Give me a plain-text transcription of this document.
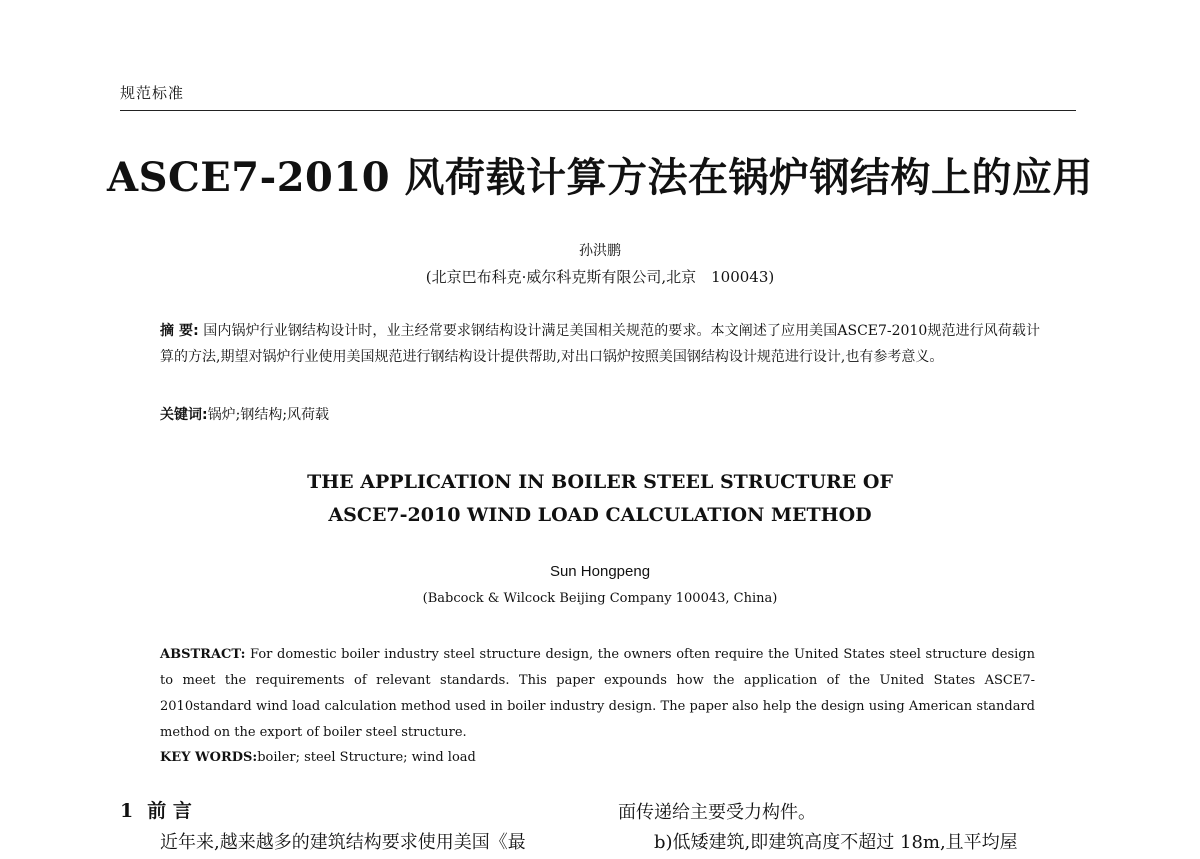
规范标准
ASCE7-2010 风荷载计算方法在锅炉钢结构上的应用
孙洪鹏
(北京巴布科克·威尔科克斯有限公司,北京　100043)
摘 要: 国内锅炉行业钢结构设计时，业主经常要求钢结构设计满足美国相关规范的要求。本文阐述了应用美国ASCE7-2010规范进行风荷载计算的方法,期望对锅炉行业使用美国规范进行钢结构设计提供帮助,对出口锅炉按照美国钢结构设计规范进行设计,也有参考意义。
关键词:锅炉;钢结构;风荷载
THE APPLICATION IN BOILER STEEL STRUCTURE OF
ASCE7-2010 WIND LOAD CALCULATION METHOD
Sun Hongpeng
(Babcock & Wilcock Beijing Company 100043, China)
ABSTRACT: For domestic boiler industry steel structure design, the owners often require the United States steel structure design to meet the requirements of relevant standards. This paper expounds how the application of the United States ASCE7-2010standard wind load calculation method used in boiler industry design. The paper also help the design using American standard method on the export of boiler steel structure.
KEY WORDS:boiler; steel Structure; wind load
1 前 言
近年来,越来越多的建筑结构要求使用美国《最
面传递给主要受力构件。
b)低矮建筑,即建筑高度不超过 18m,且平均屋
